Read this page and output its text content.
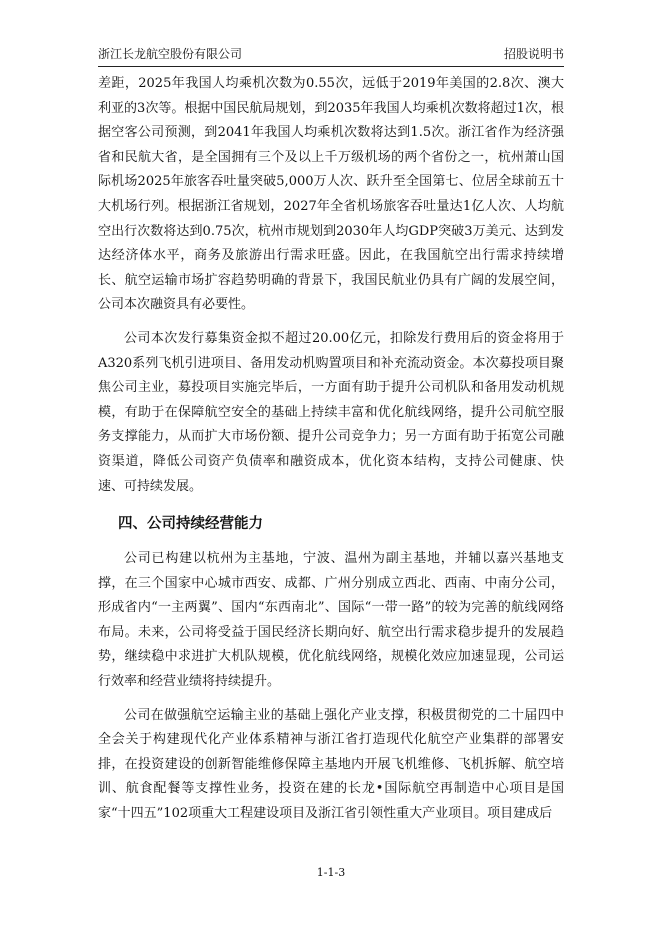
浙江长龙航空股份有限公司	招股说明书

差距，2025年我国人均乘机次数为0.55次，远低于2019年美国的2.8次、澳大利亚的3次等。根据中国民航局规划，到2035年我国人均乘机次数将超过1次，根据空客公司预测，到2041年我国人均乘机次数将达到1.5次。浙江省作为经济强省和民航大省，是全国拥有三个及以上千万级机场的两个省份之一，杭州萧山国际机场2025年旅客吞吐量突破5,000万人次、跃升至全国第七、位居全球前五十大机场行列。根据浙江省规划，2027年全省机场旅客吞吐量达1亿人次、人均航空出行次数将达到0.75次，杭州市规划到2030年人均GDP突破3万美元、达到发达经济体水平，商务及旅游出行需求旺盛。因此，在我国航空出行需求持续增长、航空运输市场扩容趋势明确的背景下，我国民航业仍具有广阔的发展空间，公司本次融资具有必要性。

公司本次发行募集资金拟不超过20.00亿元，扣除发行费用后的资金将用于A320系列飞机引进项目、备用发动机购置项目和补充流动资金。本次募投项目聚焦公司主业，募投项目实施完毕后，一方面有助于提升公司机队和备用发动机规模，有助于在保障航空安全的基础上持续丰富和优化航线网络，提升公司航空服务支撑能力，从而扩大市场份额、提升公司竞争力；另一方面有助于拓宽公司融资渠道，降低公司资产负债率和融资成本，优化资本结构，支持公司健康、快速、可持续发展。

四、公司持续经营能力

公司已构建以杭州为主基地，宁波、温州为副主基地，并辅以嘉兴基地支撑，在三个国家中心城市西安、成都、广州分别成立西北、西南、中南分公司，形成省内“一主两翼”、国内“东西南北”、国际“一带一路”的较为完善的航线网络布局。未来，公司将受益于国民经济长期向好、航空出行需求稳步提升的发展趋势，继续稳中求进扩大机队规模，优化航线网络，规模化效应加速显现，公司运行效率和经营业绩将持续提升。

公司在做强航空运输主业的基础上强化产业支撑，积极贯彻党的二十届四中全会关于构建现代化产业体系精神与浙江省打造现代化航空产业集群的部署安排，在投资建设的创新智能维修保障主基地内开展飞机维修、飞机拆解、航空培训、航食配餐等支撑性业务，投资在建的长龙•国际航空再制造中心项目是国家“十四五”102项重大工程建设项目及浙江省引领性重大产业项目。项目建成后

1-1-3
